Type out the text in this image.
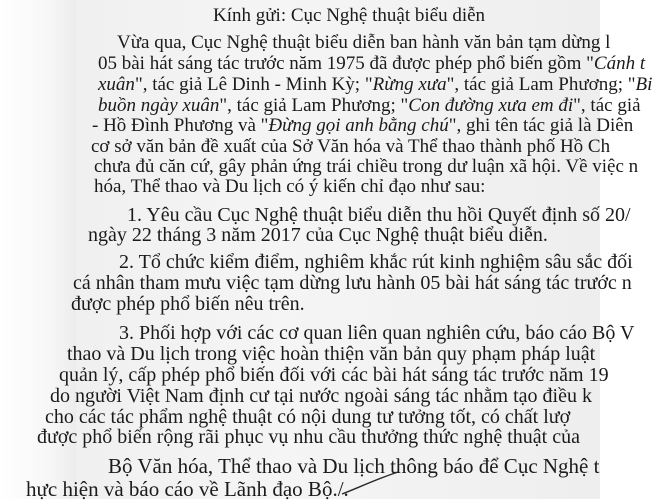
Kính gửi: Cục Nghệ thuật biểu diễn
Vừa qua, Cục Nghệ thuật biểu diễn ban hành văn bản tạm dừng l
05 bài hát sáng tác trước năm 1975 đã được phép phổ biến gồm "Cánh t
xuân", tác giả Lê Dinh - Minh Kỳ; "Rừng xưa", tác giả Lam Phương; "Bi
buồn ngày xuân", tác giả Lam Phương; "Con đường xưa em đi", tác giả
- Hồ Đình Phương và "Đừng gọi anh bằng chú", ghi tên tác giả là Diên
cơ sở văn bản đề xuất của Sở Văn hóa và Thể thao thành phố Hồ Ch
chưa đủ căn cứ, gây phản ứng trái chiều trong dư luận xã hội. Về việc n
hóa, Thể thao và Du lịch có ý kiến chỉ đạo như sau:
1. Yêu cầu Cục Nghệ thuật biểu diễn thu hồi Quyết định số 20/
ngày 22 tháng 3 năm 2017 của Cục Nghệ thuật biểu diễn.
2. Tổ chức kiểm điểm, nghiêm khắc rút kinh nghiệm sâu sắc đối
cá nhân tham mưu việc tạm dừng lưu hành 05 bài hát sáng tác trước n
được phép phổ biến nêu trên.
3. Phối hợp với các cơ quan liên quan nghiên cứu, báo cáo Bộ V
thao và Du lịch trong việc hoàn thiện văn bản quy phạm pháp luật
quản lý, cấp phép phổ biến đối với các bài hát sáng tác trước năm 19
do người Việt Nam định cư tại nước ngoài sáng tác nhằm tạo điều k
cho các tác phẩm nghệ thuật có nội dung tư tưởng tốt, có chất lượ
được phổ biến rộng rãi phục vụ nhu cầu thưởng thức nghệ thuật của
Bộ Văn hóa, Thể thao và Du lịch thông báo để Cục Nghệ t
hực hiện và báo cáo về Lãnh đạo Bộ./.
